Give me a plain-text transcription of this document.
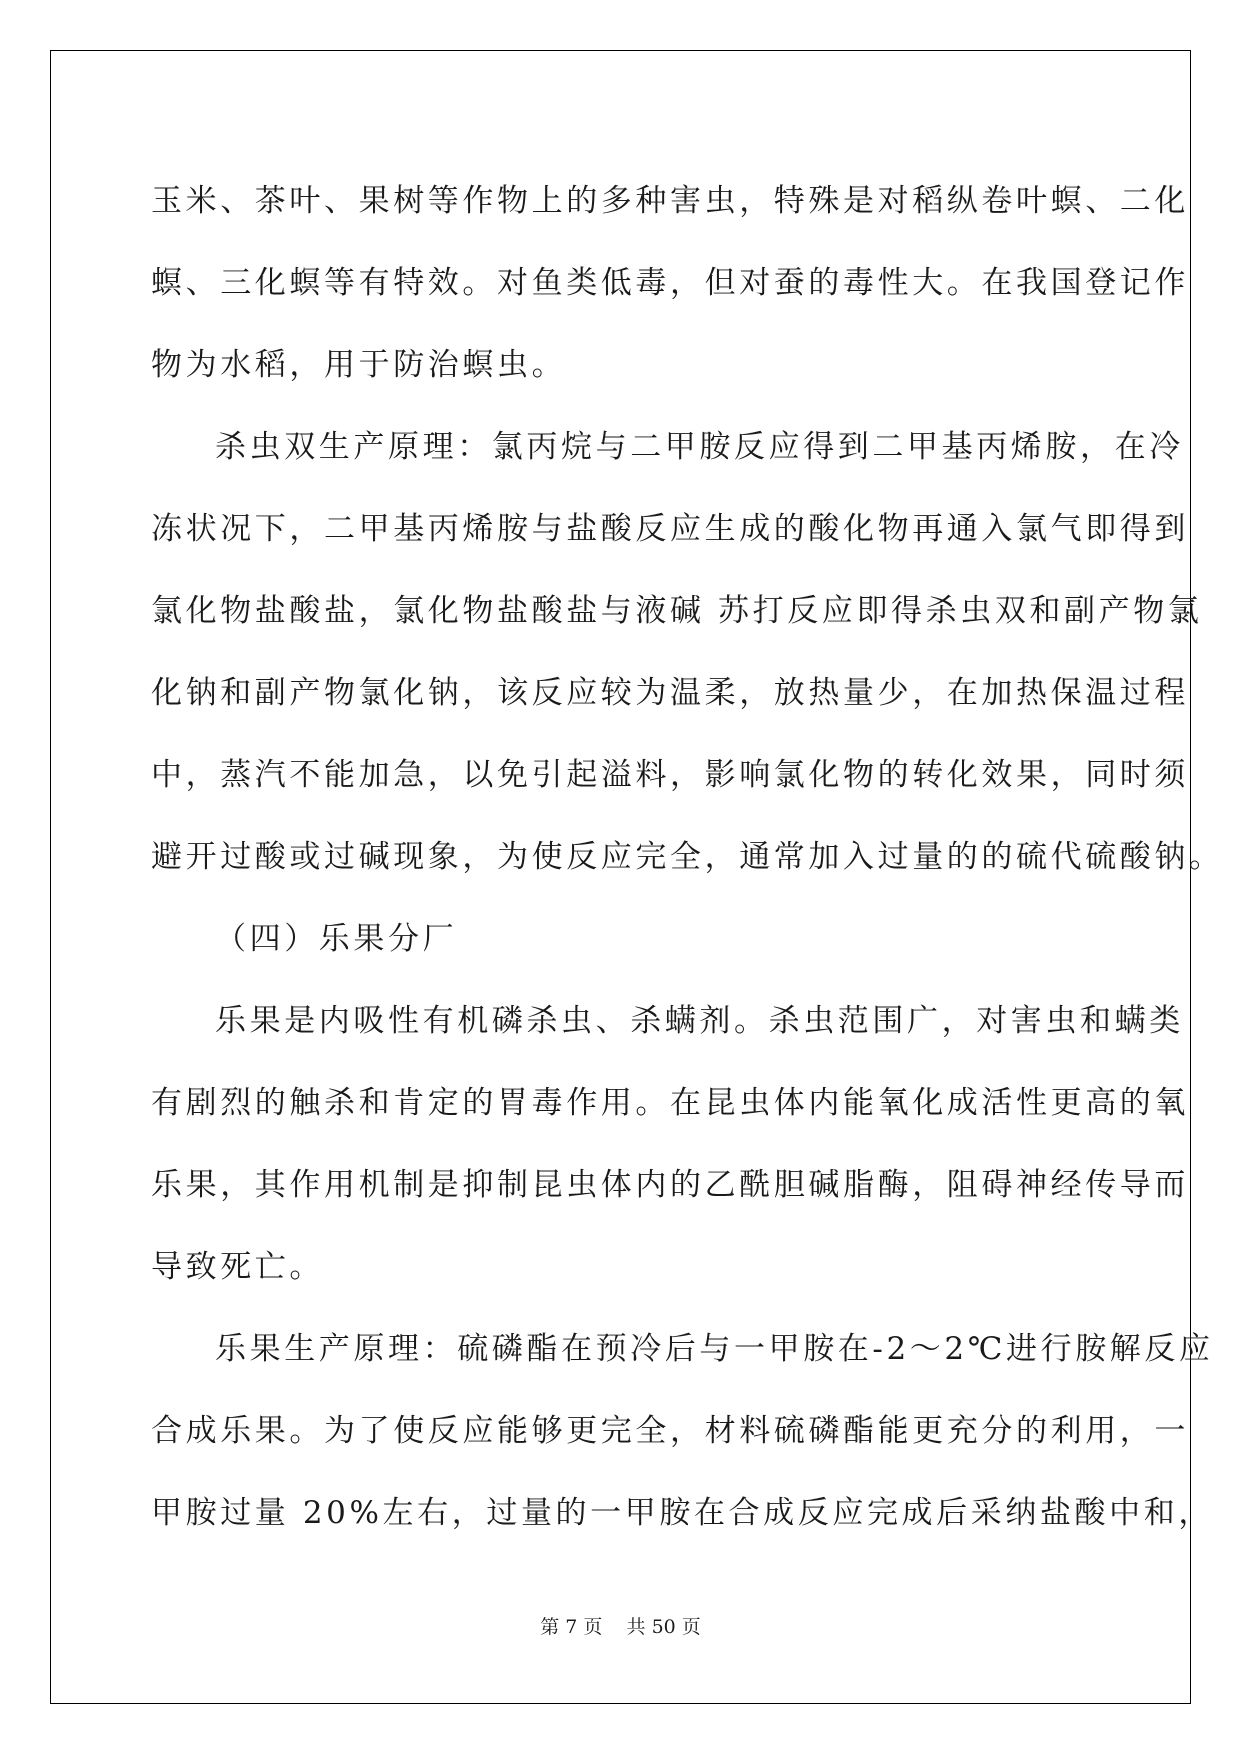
玉米、茶叶、果树等作物上的多种害虫，特殊是对稻纵卷叶螟、二化

螟、三化螟等有特效。对鱼类低毒，但对蚕的毒性大。在我国登记作

物为水稻，用于防治螟虫。

杀虫双生产原理：氯丙烷与二甲胺反应得到二甲基丙烯胺，在冷

冻状况下，二甲基丙烯胺与盐酸反应生成的酸化物再通入氯气即得到

氯化物盐酸盐，氯化物盐酸盐与液碱 苏打反应即得杀虫双和副产物氯

化钠和副产物氯化钠，该反应较为温柔，放热量少，在加热保温过程

中，蒸汽不能加急，以免引起溢料，影响氯化物的转化效果，同时须

避开过酸或过碱现象，为使反应完全，通常加入过量的的硫代硫酸钠。

（四）乐果分厂

乐果是内吸性有机磷杀虫、杀螨剂。杀虫范围广，对害虫和螨类

有剧烈的触杀和肯定的胃毒作用。在昆虫体内能氧化成活性更高的氧

乐果，其作用机制是抑制昆虫体内的乙酰胆碱脂酶，阻碍神经传导而

导致死亡。

乐果生产原理：硫磷酯在预冷后与一甲胺在-2～2℃进行胺解反应

合成乐果。为了使反应能够更完全，材料硫磷酯能更充分的利用，一

甲胺过量 20%左右，过量的一甲胺在合成反应完成后采纳盐酸中和，

第 7 页    共 50 页
